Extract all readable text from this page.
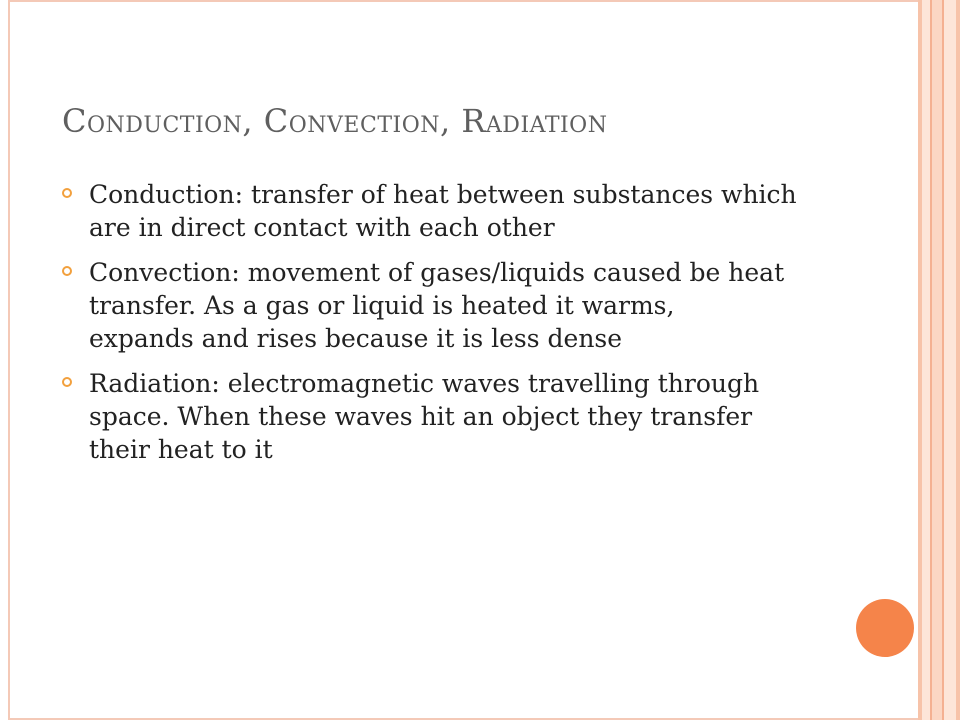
Conduction, Convection, Radiation
Conduction: transfer of heat between substances which
are in direct contact with each other
Convection: movement of gases/liquids caused be heat
transfer. As a gas or liquid is heated it warms,
expands and rises because it is less dense
Radiation: electromagnetic waves travelling through
space. When these waves hit an object they transfer
their heat to it
